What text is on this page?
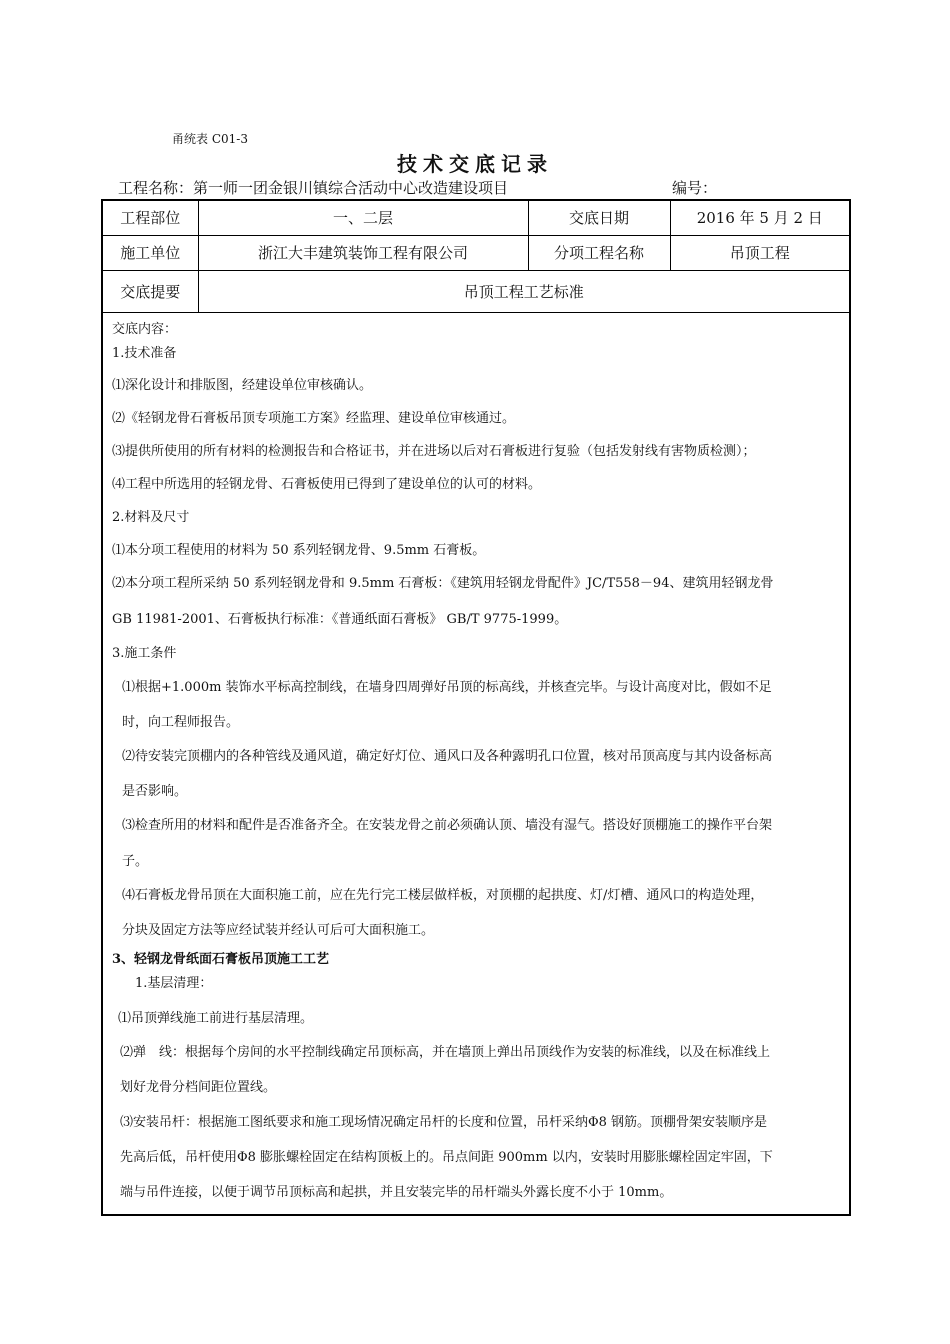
甬统表 C01-3
技术交底记录
工程名称：第一师一团金银川镇综合活动中心改造建设项目	编号：
工程部位	一、二层	交底日期	2016 年 5 月 2 日
施工单位	浙江大丰建筑装饰工程有限公司	分项工程名称	吊顶工程
交底提要	吊顶工程工艺标准		
交底内容：
1.技术准备
⑴深化设计和排版图，经建设单位审核确认。
⑵《轻钢龙骨石膏板吊顶专项施工方案》经监理、建设单位审核通过。
⑶提供所使用的所有材料的检测报告和合格证书，并在进场以后对石膏板进行复验（包括发射线有害物质检测）；
⑷工程中所选用的轻钢龙骨、石膏板使用已得到了建设单位的认可的材料。
2.材料及尺寸
⑴本分项工程使用的材料为 50 系列轻钢龙骨、9.5mm 石膏板。
⑵本分项工程所采纳 50 系列轻钢龙骨和 9.5mm 石膏板：《建筑用轻钢龙骨配件》JC/T558－94、建筑用轻钢龙骨
GB 11981-2001、石膏板执行标准：《普通纸面石膏板》 GB/T 9775-1999。
3.施工条件
⑴根据+1.000m 装饰水平标高控制线，在墙身四周弹好吊顶的标高线，并核查完毕。与设计高度对比，假如不足
时，向工程师报告。
⑵待安装完顶棚内的各种管线及通风道，确定好灯位、通风口及各种露明孔口位置，核对吊顶高度与其内设备标高
是否影响。
⑶检查所用的材料和配件是否准备齐全。在安装龙骨之前必须确认顶、墙没有湿气。搭设好顶棚施工的操作平台架
子。
⑷石膏板龙骨吊顶在大面积施工前，应在先行完工楼层做样板，对顶棚的起拱度、灯/灯槽、通风口的构造处理，
分块及固定方法等应经试装并经认可后可大面积施工。
3、轻钢龙骨纸面石膏板吊顶施工工艺
1.基层清理：
⑴吊顶弹线施工前进行基层清理。
⑵弹　线：根据每个房间的水平控制线确定吊顶标高，并在墙顶上弹出吊顶线作为安装的标准线，以及在标准线上
划好龙骨分档间距位置线。
⑶安装吊杆：根据施工图纸要求和施工现场情况确定吊杆的长度和位置，吊杆采纳Φ8 钢筋。顶棚骨架安装顺序是
先高后低，吊杆使用Φ8 膨胀螺栓固定在结构顶板上的。吊点间距 900mm 以内，安装时用膨胀螺栓固定牢固，下
端与吊件连接，以便于调节吊顶标高和起拱，并且安装完毕的吊杆端头外露长度不小于 10mm。
